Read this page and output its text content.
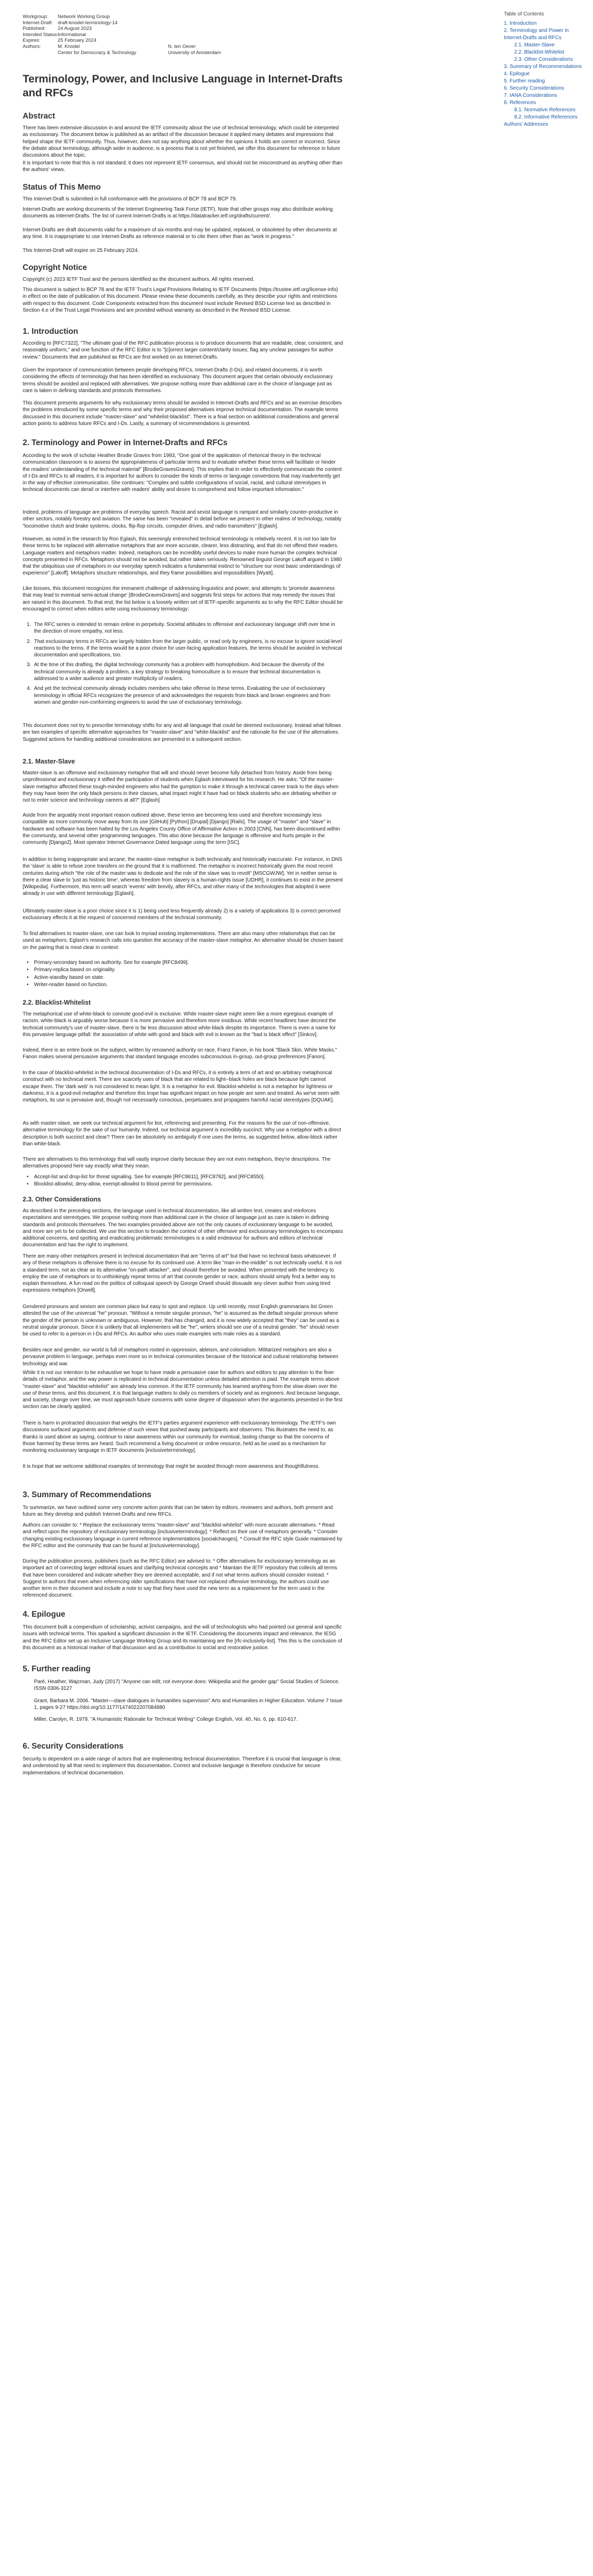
Workgroup: Network Working Group
Internet-Draft: draft-knodel-terminology-14
Published: 24 August 2023
Intended Status:
Informational
Expires:	25 February 2024
Authors:	M. Knodel	N. ten Oever
Center for Democracy & Technology	University of Amsterdam
Terminology, Power, and Inclusive Language in Internet-Drafts and RFCs
Table of Contents
1. Introduction
2. Terminology and Power in Internet-Drafts and RFCs
2.1. Master-Slave
2.2. Blacklist-Whitelist
2.3. Other Considerations
3. Summary of Recommendations
4. Epilogue
5. Further reading
6. Security Considerations
7. IANA Considerations
8. References
8.1. Normative References
8.2. Informative References
Authors' Addresses
Abstract

There has been extensive discussion in and around the IETF community about the use of technical terminology, which could be interpreted as exclusionary. The document below is published as an artifact of the discussion because it applied many debates and impressions that helped shape the IETF community. Thus, however, does not say anything about whether the opinions it holds are correct or incorrect. Since the debate about terminology, although wider in audience, is a process that is not yet finished, we offer this document for reference in future discussions about the topic.

It is important to note that this is not standard; it does not represent IETF consensus, and should not be misconstrued as anything other than the authors' views.

Status of This Memo

This Internet-Draft is submitted in full conformance with the provisions of BCP 78 and BCP 79.

Internet-Drafts are working documents of the Internet Engineering Task Force (IETF). Note that other groups may also distribute working documents as Internet-Drafts. The list of current Internet-Drafts is at https://datatracker.ietf.org/drafts/current/.

Internet-Drafts are draft documents valid for a maximum of six months and may be updated, replaced, or obsoleted by other documents at any time. It is inappropriate to use Internet-Drafts as reference material or to cite them other than as "work in progress."

This Internet-Draft will expire on 25 February 2024.

Copyright Notice

Copyright (c) 2023 IETF Trust and the persons identified as the document authors. All rights reserved.

This document is subject to BCP 78 and the IETF Trust's Legal Provisions Relating to IETF Documents (https://trustee.ietf.org/license-info) in effect on the date of publication of this document. Please review these documents carefully, as they describe your rights and restrictions with respect to this document. Code Components extracted from this document must include Revised BSD License text as described in Section 4.e of the Trust Legal Provisions and are provided without warranty as described in the Revised BSD License.

1. Introduction

According to [RFC7322], "The ultimate goal of the RFC publication process is to produce documents that are readable, clear, consistent, and reasonably uniform," and one function of the RFC Editor is to "[c]orrect larger content/clarity issues; flag any unclear passages for author review." Documents that are published as RFCs are first worked on as Internet-Drafts.

Given the importance of communication between people developing RFCs, Internet-Drafts (I-Ds), and related documents, it is worth considering the effects of terminology that has been identified as exclusionary. This document argues that certain obviously exclusionary terms should be avoided and replaced with alternatives. We propose nothing more than additional care in the choice of language just as care is taken in defining standards and protocols themselves.

This document presents arguments for why exclusionary terms should be avoided in Internet-Drafts and RFCs and as an exercise describes the problems introduced by some specific terms and why their proposed alternatives improve technical documentation. The example terms discussed in this document include "master-slave" and "whitelist-blacklist". There is a final section on additional considerations and general action points to address future RFCs and I-Ds. Lastly, a summary of recommendations is presented.

2. Terminology and Power in Internet-Drafts and RFCs

According to the work of scholar Heather Brodie Graves from 1993, "One goal of the application of rhetorical theory in the technical communication classroom is to assess the appropriateness of particular terms and to evaluate whether these terms will facilitate or hinder the readers' understanding of the technical material" [BrodieGravesGraves]. This implies that in order to effectively communicate the content of I-Ds and RFCs to all readers, it is important for authors to consider the kinds of terms or language conventions that may inadvertently get in the way of effective communication. She continues: "Complex and subtle configurations of social, racial, and cultural stereotypes in technical documents can derail or interfere with readers' ability and desire to comprehend and follow important information."

Indeed, problems of language are problems of everyday speech. Racist and sexist language is rampant and similarly counter-productive in other sectors, notably forestry and aviation. The same has been "revealed" in detail before we present in other realms of technology, notably "locomotive clutch and brake systems, clocks, flip-flop circuits, computer drives, and radio transmitters" [Eglash].

However, as noted in the research by Ron Eglash, this seemingly entrenched technical terminology is relatively recent. It is not too late for these terms to be replaced with alternative metaphors that are more accurate, clearer, less distracting, and that do not offend their readers. Language matters and metaphors matter. Indeed, metaphors can be incredibly useful devices to make more human the complex technical concepts presented in RFCs. Metaphors should not be avoided, but rather taken seriously. Renowned linguist George Lakoff argued in 1980 that the ubiquitous use of metaphors in our everyday speech indicates a fundamental instinct to "structure our most basic understandings of experience" [Lakoff]. Metaphors structure relationships, and they frame possibilities and impossibilities [Wyatt].

Like bosses, this document recognizes the immanent challenge of addressing linguistics and power, and attempts to 'promote awareness that may lead to eventual semi-actual change' [BrodieGravesGraves] and suggests first steps for actions that may remedy the issues that are raised in this document. To that end, the list below is a loosely written set of IETF-specific arguments as to why the RFC Editor should be encouraged to correct when editors write using exclusionary terminology:

1. The RFC series is intended to remain online in perpetuity. Societal attitudes to offensive and exclusionary language shift over time in the direction of more empathy, not less.
2. That exclusionary terms in RFCs are largely hidden from the larger public, or read only by engineers, is no excuse to ignore social-level reactions to the terms. If the terms would be a poor choice for user-facing application features, the terms should be avoided in technical documentation and specifications, too.
3. At the time of this drafting, the digital technology community has a problem with homophobism. And because the diversity of the technical community is already a problem, a key strategy to breaking homoculture is to ensure that technical documentation is addressed to a wider audience and greater multiplicity of readers.
4. And yet the technical community already includes members who take offense to these terms. Evaluating the use of exclusionary terminology in official RFCs recognizes the presence of and acknowledges the requests from black and brown engineers and from women and gender-non-conforming engineers to avoid the use of exclusionary terminology.

This document does not try to prescribe terminology shifts for any and all language that could be deemed exclusionary. Instead what follows are two examples of specific alternative approaches for "master-slave" and "white-blacklist" and the rationale for the use of the alternatives. Suggested actions for handling additional considerations are presented in a subsequent section.

2.1. Master-Slave

Master-slave is an offensive and exclusionary metaphor that will and should never become fully detached from history. Aside from being unprofessional and exclusionary it stifled the participation of students when Eglash interviewed for his research. He asks: "Of the master-slave metaphor affected these tough-minded engineers who had the gumption to make it through a technical career track to the days when they may have been the only black persons in their classes, what impact might it have had on black students who are debating whether or not to enter science and technology careers at all?" [Eglash]

Aside from the arguably most important reason outlined above, these terms are becoming less used and therefore increasingly less compatible as more commonly move away from its use [GitHub] [Python] [Drupal] [Django] [Rails]. The usage of "master" and "slave" in hardware and software has been halted by the Los Angeles County Office of Affirmative Action in 2003 [CNN], has been discontinued within the community, and several other programming languages. This also done because the language is offensive and hurts people in the community [Django2]. Most operator Internet Governance Dated language using the term [ISC].

In addition to being inappropriate and arcane, the master-slave metaphor is both technically and historically inaccurate. For instance, in DNS the 'slave' is able to refuse zone transfers on the ground that it is malformed. The metaphor is incorrect historically given the most recent centuries during which "the role of the master was to dedicate and the role of the slave was to revolt" [MSCGWJW]. Yet in neither sense is there a clear slave to 'just as historic time', whereas freedom from slavery is a human-rights issue [UDHR], it continues to exist in the present [Wikipedia]. Furthermore, this term will search 'events' with brevity, after RFCs, and other many of the technologies that adopted it were already in use with different terminology [Eglash].

Ultimately master-slave is a poor choice since it is 1) being used less frequently already 2) is a variety of applications 3) is correct perceived exclusionary effects it at the request of concerned members of the technical community.

To find alternatives to master-slave, one can look to myriad existing implementations. There are also many other relationships that can be used as metaphors; Eglash's research calls into question the accuracy of the master-slave metaphor. An alternative should be chosen based on the pairing that is most clear in context:

• Primary-secondary based on authority. See for example [RFC8499].
• Primary-replica based on originality.
• Active-standby based on state.
• Writer-reader based on function.
2.2. Blacklist-Whitelist

The metaphorical use of white-black to connote good-evil is exclusive. While master-slave might seem like a more egregious example of racism, white-black is arguably worse because it is more pervasive and therefore more insidious. While recent headlines have decried the technical community's use of master-slave, there is far less discussion about white-black despite its importance. There is even a name for this pervasive language pitfall: the association of white with good and black with evil is known as the "bad is black effect" [Sinkov].

Indeed, there is an entire book on the subject, written by renowned authority on race, Franz Fanon, in his book "Black Skin, White Masks." Fanon makes several persuasive arguments that standard language encodes subconscious in-group, out-group preferences [Fanon].

In the case of blacklist-whitelist in the technical documentation of I-Ds and RFCs, it is entirely a term of art and an arbitrary metaphorical construct with no technical merit. There are scarcely uses of black that are related to light--black holes are black because light cannot escape them. The 'dark web' is not considered to mean light. It is a metaphor for evil. Blacklist-whitelist is not a metaphor for lightness or darkness, it is a good-evil metaphor and therefore this trope has significant impact on how people are seen and treated. As we've seen with metaphors, its use is pervasive and, though not necessarily conscious, perpetuates and propagates harmful racial stereotypes [DQUAK].

As with master-slave, we seek our technical argument for bot, referencing and presenting. For the reasons for the use of non-offensive, alternative terminology for the sake of our humanity. Indeed, our technical argument is incredibly succinct: Why use a metaphor with a direct description is both succinct and clear? There can be absolutely no ambiguity if one uses the terms, as suggested below, allow-block rather than white-black.

There are alternatives to this terminology that will vastly improve clarity because they are not even metaphors, they're descriptions. The alternatives proposed here say exactly what they mean.

• Accept-list and drop-list for threat signaling. See for example [RFC8611], [RFC8782], and [RFC8550].
• Blocklist-allowlist, deny-allow, exempt-allowlist to blood permit for permissions.
2.3. Other Considerations

As described in the preceding sections, the language used in technical documentation, like all written text, creates and reinforces expectations and stereotypes. We propose nothing more than additional care in the choice of language just as care is taken in defining standards and protocols themselves. The two examples provided above are not the only causes of exclusionary language to be avoided, and more are yet to be collected. We use this section to broaden the context of other offensive and exclusionary terminologies to encompass additional concerns, and spotting and eradicating problematic terminologies is a valid endeavour for authors and editors of technical documentation and has the right to implement.

There are many other metaphors present in technical documentation that are "terms of art" but that have no technical basis whatsoever. If any of these metaphors is offensive there is no excuse for its continued use. A term like "man-in-the-middle" is not technically useful. It is not a standard term, not as clear as its alternative "on-path attacker", and should therefore be avoided. When presented with the tendency to employ the use of metaphors or to unthinkingly repeat terms of art that connote gender or race, authors should simply find a better way to explain themselves. A fun read on the politics of colloquial speech by George Orwell should dissuade any clever author from using tired expressions metaphors [Orwell].

Gendered pronouns and sexism are common place but easy to spot and replace. Up until recently, most English grammarians list Green attested the use of the universal "he" pronoun. "Without a remote singular pronoun, "he" is assumed as the default singular pronoun where the gender of the person is unknown or ambiguous. However, that has changed, and it is now widely accepted that "they" can be used as a neutral singular pronoun. Since it is unlikely that all implementers will be "he"; writers should see use of a neutral gender. "he" should never be used to refer to a person in I-Ds and RFCs. An author who uses male examples sets male roles as a standard.

Besides race and gender, our world is full of metaphors rooted in oppression, ableism, and colonialism. Militarized metaphors are also a pervasive problem in language, perhaps even more so in technical communities because of the historical and cultural relationship between technology and war.

While it is not our intention to be exhaustive we hope to have made a persuasive case for authors and editors to pay attention to the finer details of metaphor, and the way power is replicated in technical documentation unless detailed attention is paid. The example terms above "master-slave" and "blacklist-whitelist" are already less common. If the IETF community has learned anything from the slow-down over the use of these terms, and this document, it is that language matters to daily co members of society and as engineers. And because language, and society, change over time, we must approach future concerns with some degree of dispassion when the arguments presented in the first section can be clearly applied.

There is harm in protracted discussion that weighs the IETF's parties argument experience with exclusionary terminology. The IETF's own discussions surfaced arguments and defense of such views that pushed away participants and observers. This illustrates the need to, as thanks is used above as saying, continue to raise awareness within our community for eventual, lasting change so that the concerns of those harmed by these terms are heard. Such recommend a living document or online resource, held as be used as a mechanism for monitoring exclusionary language in IETF documents [inclusiveterminology].

It is hope that we welcome additional examples of terminology that might be avoided through more awareness and thoughtfulness.

3. Summary of Recommendations

To summarize, we have outlined some very concrete action points that can be taken by editors, reviewers and authors, both present and future as they develop and publish Internet-Drafts and new RFCs.

Authors can consider to: * Replace the exclusionary terms "master-slave" and "blacklist-whitelist" with more accurate alternatives. * Read and reflect upon the repository of exclusionary terminology [inclusiveterminology]. * Reflect on their use of metaphors generally. * Consider changing existing exclusionary language in current reference implementations [socialchanges]. * Consult the RFC style Guide maintained by the RFC editor and the community that can be found at [inclusiveterminology].

During the publication process, publishers (such as the RFC Editor) are advised to: * Offer alternatives for exclusionary terminology as an important act of correcting larger editorial issues and clarifying technical concepts and * Maintain the IETF repository that collects all terms that have been considered and indicate whether they are deemed acceptable, and if not what terms authors should consider instead. * Suggest to authors that even when referencing older specifications that have not replaced offensive terminology, the authors could use another term in their document and include a note to say that they have used the new term as a replacement for the term used in the referenced document.

4. Epilogue

This document built a compendium of scholarship, activist campaigns, and the will of technologists who had pointed out general and specific issues with technical terms. This sparked a significant discussion in the IETF. Considering the documents impact and relevance, the IESG and the RFC Editor set up an Inclusive Language Working Group and its maintaining are the [rfc-inclusivity-list]. This this is the conclusion of this document as a historical marker of that discussion and as a contribution to social and restorative justice.

5. Further reading
Paré, Heather, Wajcman, Judy (2017) "Anyone can edit; not everyone does: Wikipedia and the gender gap" Social Studies of Science. ISSN 0306-3127
Grant, Barbara M. 2006. "Master—slave dialogues in humanities supervision" Arts and Humanities in Higher Education. Volume 7 Issue 1, pages 9-27 https://doi.org/10.1177/1474022207084880
Miller, Carolyn, R. 1979. "A Humanistic Rationale for Technical Writing" College English, Vol. 40, No. 6, pp. 610-617.
6. Security Considerations

Security is dependent on a wide range of actors that are implementing technical documentation. Therefore it is crucial that language is clear, and understood by all that need to implement this documentation. Correct and inclusive language is therefore conducive for secure implementations of technical documentation.
